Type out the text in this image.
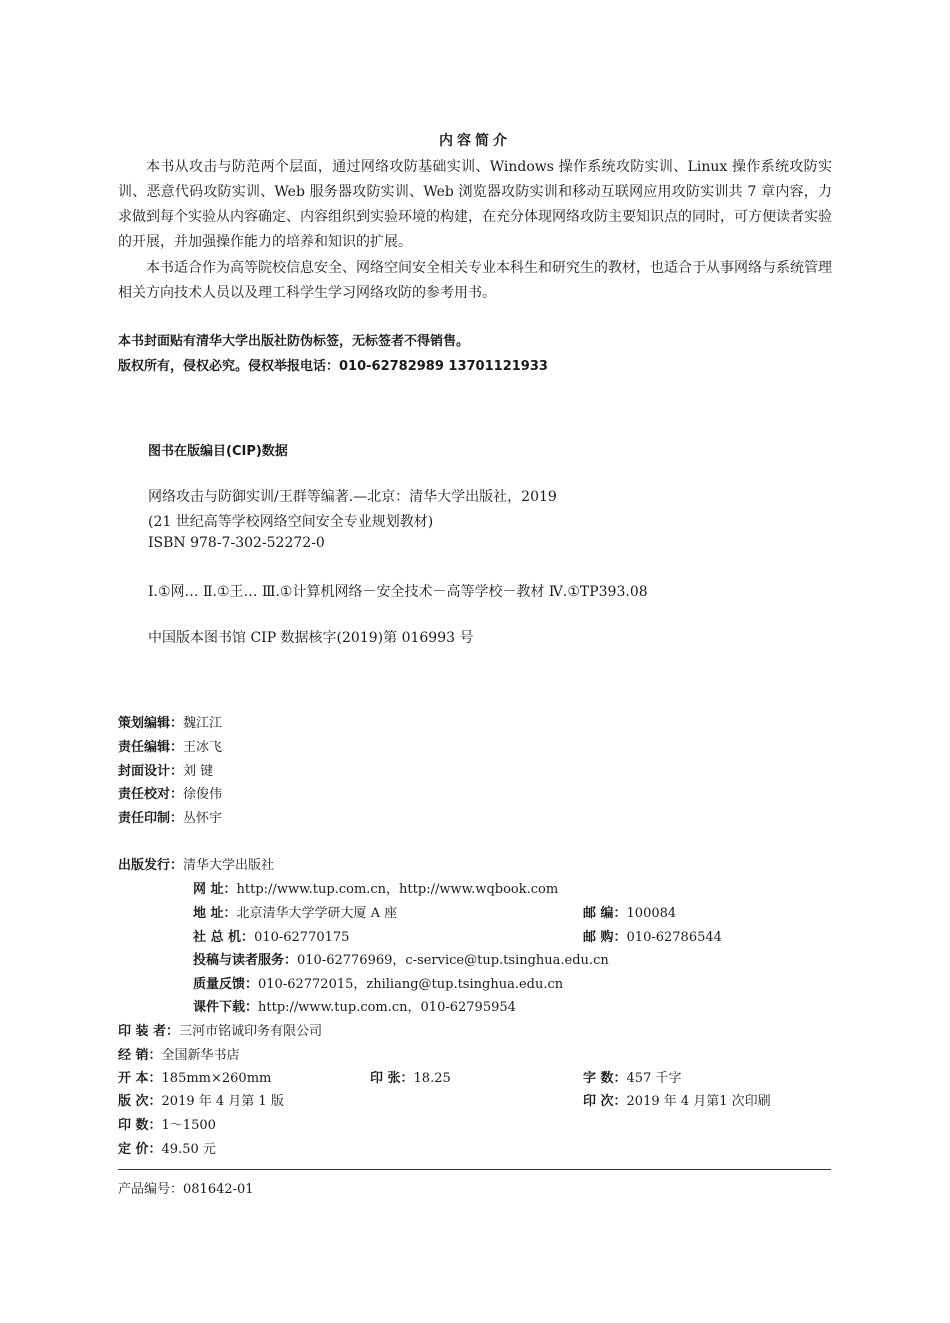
内容简介
本书从攻击与防范两个层面，通过网络攻防基础实训、Windows 操作系统攻防实训、Linux 操作系统攻防实训、恶意代码攻防实训、Web 服务器攻防实训、Web 浏览器攻防实训和移动互联网应用攻防实训共 7 章内容，力求做到每个实验从内容确定、内容组织到实验环境的构建，在充分体现网络攻防主要知识点的同时，可方便读者实验的开展，并加强操作能力的培养和知识的扩展。
本书适合作为高等院校信息安全、网络空间安全相关专业本科生和研究生的教材，也适合于从事网络与系统管理相关方向技术人员以及理工科学生学习网络攻防的参考用书。
本书封面贴有清华大学出版社防伪标签，无标签者不得销售。
版权所有，侵权必究。侵权举报电话：010-62782989 13701121933
图书在版编目(CIP)数据
网络攻击与防御实训/王群等编著.—北京：清华大学出版社，2019
(21 世纪高等学校网络空间安全专业规划教材)
ISBN 978-7-302-52272-0
Ⅰ.①网… Ⅱ.①王… Ⅲ.①计算机网络－安全技术－高等学校－教材 Ⅳ.①TP393.08
中国版本图书馆 CIP 数据核字(2019)第 016993 号
策划编辑：魏江江
责任编辑：王冰飞
封面设计：刘 键
责任校对：徐俊伟
责任印制：丛怀宇
出版发行：清华大学出版社
网 址：http://www.tup.com.cn，http://www.wqbook.com
地 址：北京清华大学学研大厦 A 座	邮 编：100084
社 总 机：010-62770175	邮 购：010-62786544
投稿与读者服务：010-62776969，c-service@tup.tsinghua.edu.cn
质量反馈：010-62772015，zhiliang@tup.tsinghua.edu.cn
课件下载：http://www.tup.com.cn，010-62795954
印 装 者：三河市铭诚印务有限公司
经 销：全国新华书店
开 本：185mm×260mm	印 张：18.25	字 数：457 千字
版 次：2019 年 4 月第 1 版	印 次：2019 年 4 月第1 次印刷
印 数：1～1500
定 价：49.50 元
产品编号：081642-01
